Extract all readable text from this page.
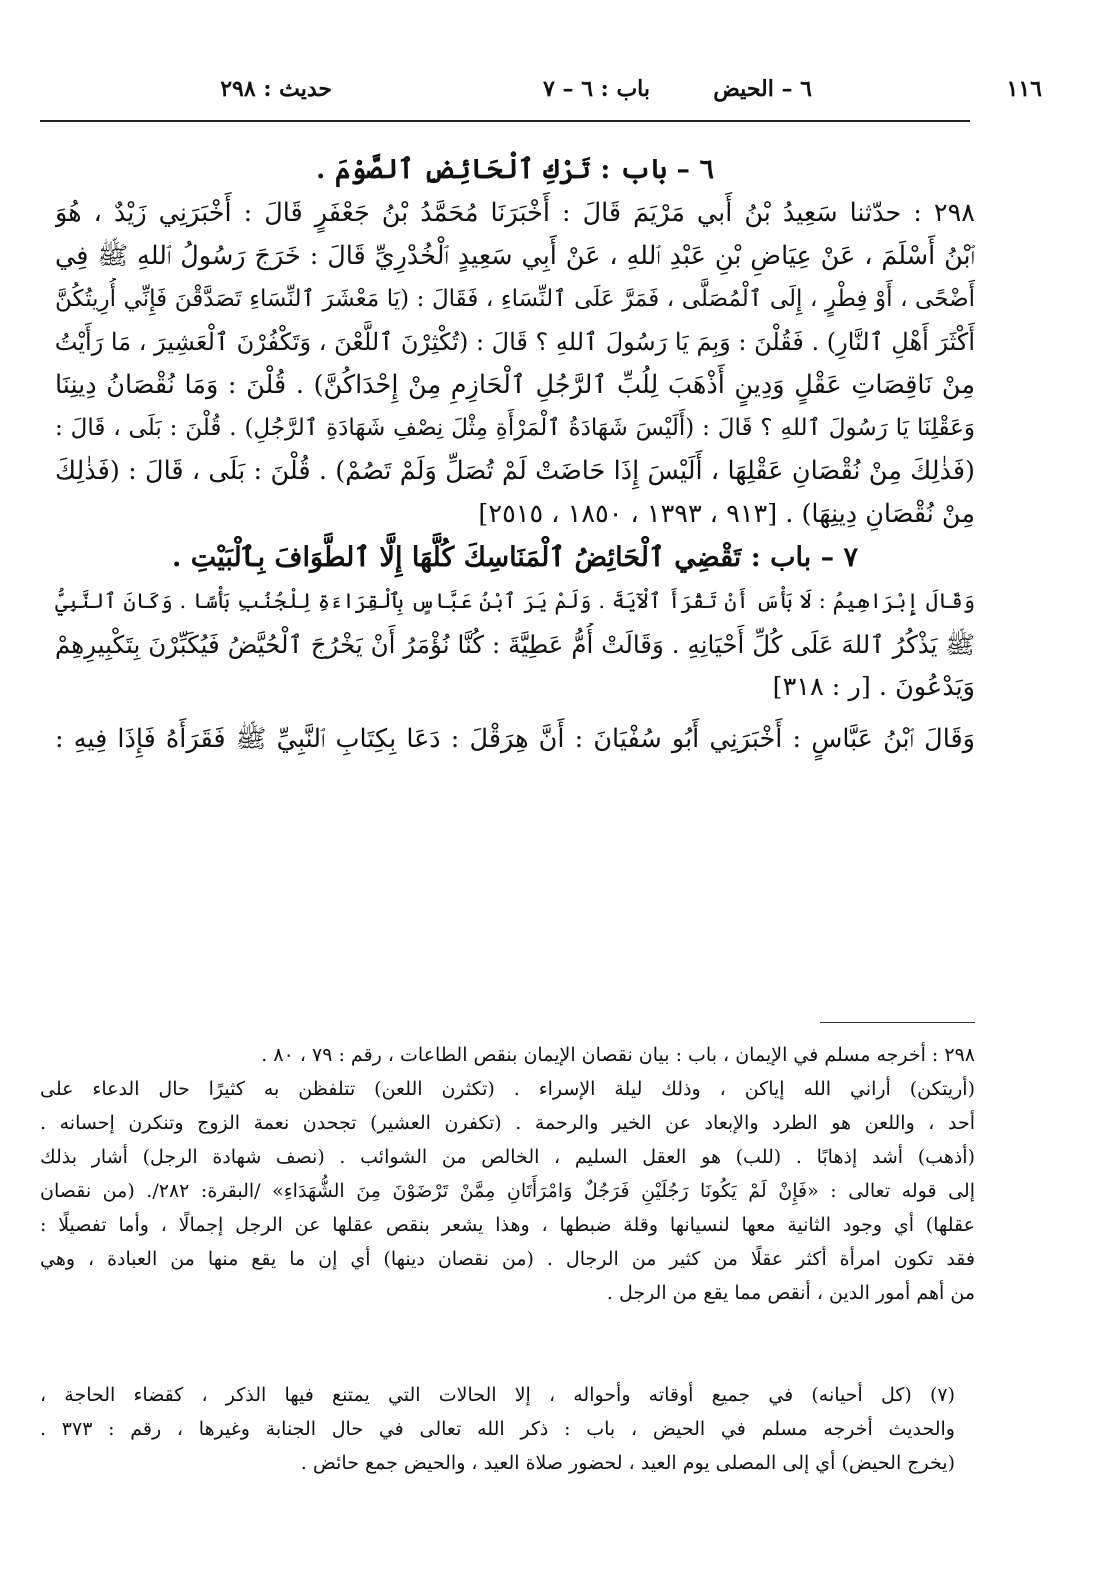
١١٦
٦ – الحيض
باب : ٦ – ٧
حديث : ٢٩٨
٦ – باب : تَرْكِ ٱلْحَائِضِ ٱلصَّوْمَ .
٢٩٨ : حدّثنا سَعِيدُ بْنُ أَبي مَرْيَمَ قَالَ : أَخْبَرَنَا مُحَمَّدُ بْنُ جَعْفَرٍ قَالَ : أَخْبَرَنِي زَيْدٌ ، هُوَ
ٱبْنُ أَسْلَمَ ، عَنْ عِيَاضِ بْنِ عَبْدِ ٱللهِ ، عَنْ أَبِي سَعِيدٍ ٱلْخُدْرِيِّ قَالَ : خَرَجَ رَسُولُ ٱللهِ ﷺ فِي
أَضْحًى ، أَوْ فِطْرٍ ، إِلَى ٱلْمُصَلَّى ، فَمَرَّ عَلَى ٱلنِّسَاءِ ، فَقَالَ : (يَا مَعْشَرَ ٱلنِّسَاءِ تَصَدَّقْنَ فَإِنِّي أُرِيتُكُنَّ
أَكْثَرَ أَهْلِ ٱلنَّارِ) . فَقُلْنَ : وَبِمَ يَا رَسُولَ ٱللهِ ؟ قَالَ : (تُكْثِرْنَ ٱللَّعْنَ ، وَتَكْفُرْنَ ٱلْعَشِيرَ ، مَا رَأَيْتُ
مِنْ نَاقِصَاتِ عَقْلٍ وَدِينٍ أَذْهَبَ لِلُبِّ ٱلرَّجُلِ ٱلْحَازِمِ مِنْ إِحْدَاكُنَّ) . قُلْنَ : وَمَا نُقْصَانُ دِينِنَا
وَعَقْلِنَا يَا رَسُولَ ٱللهِ ؟ قَالَ : (أَلَيْسَ شَهَادَةُ ٱلْمَرْأَةِ مِثْلَ نِصْفِ شَهَادَةِ ٱلرَّجُلِ) . قُلْنَ : بَلَى ، قَالَ :
(فَذٰلِكَ مِنْ نُقْصَانِ عَقْلِهَا ، أَلَيْسَ إِذَا حَاضَتْ لَمْ تُصَلِّ وَلَمْ تَصُمْ) . قُلْنَ : بَلَى ، قَالَ : (فَذٰلِكَ
مِنْ نُقْصَانِ دِينِهَا) . [٩١٣ ، ١٣٩٣ ، ١٨٥٠ ، ٢٥١٥]
٧ – باب : تَقْضِي ٱلْحَائِضُ ٱلْمَنَاسِكَ كُلَّهَا إِلَّا ٱلطَّوَافَ بِٱلْبَيْتِ .
وَقَالَ إِبْرَاهِيمُ : لَا بَأْسَ أَنْ تَقْرَأَ ٱلْآيَةَ . وَلَمْ يَرَ ٱبْنُ عَبَّاسٍ بِٱلْقِرَاءَةِ لِلْجُنُبِ بَأْسًا . وَكَانَ ٱلنَّبِيُّ
ﷺ يَذْكُرُ ٱللهَ عَلَى كُلِّ أَحْيَانِهِ . وَقَالَتْ أُمُّ عَطِيَّةَ : كُنَّا نُؤْمَرُ أَنْ يَخْرُجَ ٱلْحُيَّضُ فَيُكَبِّرْنَ بِتَكْبِيرِهِمْ
وَيَدْعُونَ . [ر : ٣١٨]
وَقَالَ ٱبْنُ عَبَّاسٍ : أَخْبَرَنِي أَبُو سُفْيَانَ : أَنَّ هِرَقْلَ : دَعَا بِكِتَابِ ٱلنَّبِيِّ ﷺ فَقَرَأَهُ فَإِذَا فِيهِ :
٢٩٨ : أخرجه مسلم في الإيمان ، باب : بيان نقصان الإيمان بنقص الطاعات ، رقم : ٧٩ ، ٨٠ .
(أريتكن) أراني الله إياكن ، وذلك ليلة الإسراء . (تكثرن اللعن) تتلفظن به كثيرًا حال الدعاء على
أحد ، واللعن هو الطرد والإبعاد عن الخير والرحمة . (تكفرن العشير) تجحدن نعمة الزوج وتنكرن إحسانه .
(أذهب) أشد إذهابًا . (للب) هو العقل السليم ، الخالص من الشوائب . (نصف شهادة الرجل) أشار بذلك
إلى قوله تعالى : «فَإِنْ لَمْ يَكُونَا رَجُلَيْنِ فَرَجُلٌ وَامْرَأَتَانِ مِمَّنْ تَرْضَوْنَ مِنَ الشُّهَدَاءِ» /البقرة: ٢٨٢/. (من نقصان
عقلها) أي وجود الثانية معها لنسيانها وقلة ضبطها ، وهذا يشعر بنقص عقلها عن الرجل إجمالًا ، وأما تفصيلًا :
فقد تكون امرأة أكثر عقلًا من كثير من الرجال . (من نقصان دينها) أي إن ما يقع منها من العبادة ، وهي
من أهم أمور الدين ، أنقص مما يقع من الرجل .
(٧) (كل أحيانه) في جميع أوقاته وأحواله ، إلا الحالات التي يمتنع فيها الذكر ، كقضاء الحاجة ،
والحديث أخرجه مسلم في الحيض ، باب : ذكر الله تعالى في حال الجنابة وغيرها ، رقم : ٣٧٣ .
(يخرج الحيض) أي إلى المصلى يوم العيد ، لحضور صلاة العيد ، والحيض جمع حائض .
